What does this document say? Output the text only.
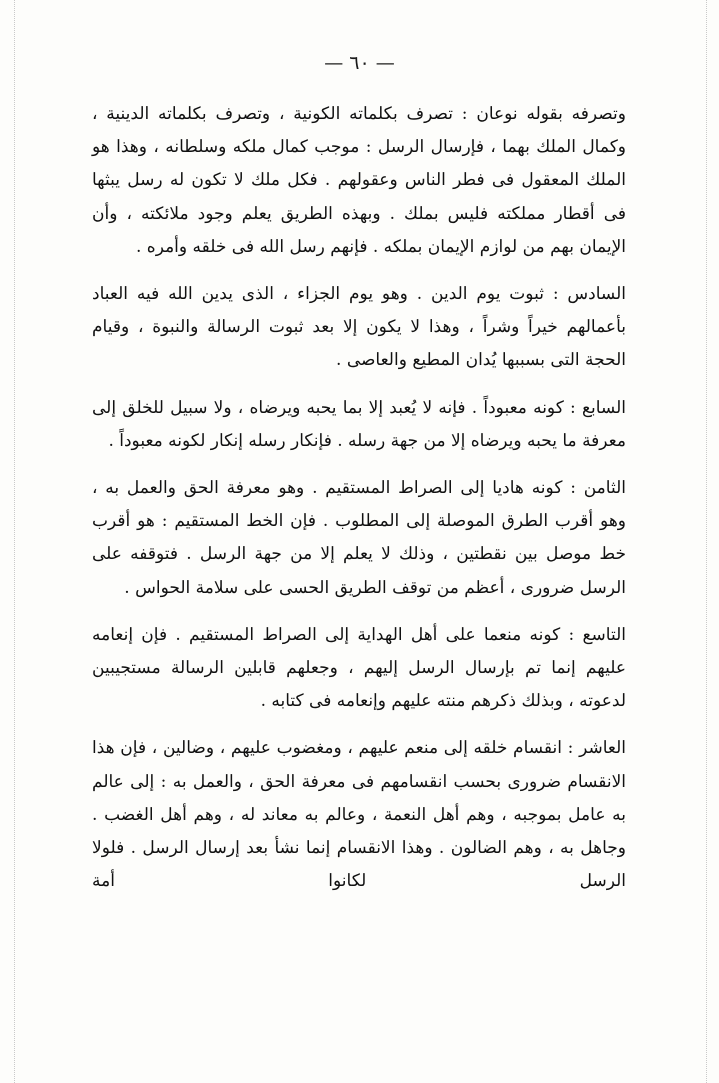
— ٦٠ —

وتصرفه بقوله نوعان : تصرف بكلماته الكونية ، وتصرف بكلماته الدينية ، وكمال الملك بهما ، فإرسال الرسل : موجب كمال ملكه وسلطانه ، وهذا هو الملك المعقول فى فطر الناس وعقولهم . فكل ملك لا تكون له رسل يبثها فى أقطار مملكته فليس بملك . وبهذه الطريق يعلم وجود ملائكته ، وأن الإيمان بهم من لوازم الإيمان بملكه . فإنهم رسل الله فى خلقه وأمره .

السادس : ثبوت يوم الدين . وهو يوم الجزاء ، الذى يدين الله فيه العباد بأعمالهم خيراً وشراً ، وهذا لا يكون إلا بعد ثبوت الرسالة والنبوة ، وقيام الحجة التى بسببها يُدان المطيع والعاصى .

السابع : كونه معبوداً . فإنه لا يُعبد إلا بما يحبه ويرضاه ، ولا سبيل للخلق إلى معرفة ما يحبه ويرضاه إلا من جهة رسله . فإنكار رسله إنكار لكونه معبوداً .

الثامن : كونه هاديا إلى الصراط المستقيم . وهو معرفة الحق والعمل به ، وهو أقرب الطرق الموصلة إلى المطلوب . فإن الخط المستقيم : هو أقرب خط موصل بين نقطتين ، وذلك لا يعلم إلا من جهة الرسل . فتوقفه على الرسل ضرورى ، أعظم من توقف الطريق الحسى على سلامة الحواس .

التاسع : كونه منعما على أهل الهداية إلى الصراط المستقيم . فإن إنعامه عليهم إنما تم بإرسال الرسل إليهم ، وجعلهم قابلين الرسالة مستجيبين لدعوته ، وبذلك ذكرهم منته عليهم وإنعامه فى كتابه .

العاشر : انقسام خلقه إلى منعم عليهم ، ومغضوب عليهم ، وضالين ، فإن هذا الانقسام ضرورى بحسب انقسامهم فى معرفة الحق ، والعمل به : إلى عالم به عامل بموجبه ، وهم أهل النعمة ، وعالم به معاند له ، وهم أهل الغضب . وجاهل به ، وهم الضالون . وهذا الانقسام إنما نشأ بعد إرسال الرسل . فلولا الرسل لكانوا أمة
